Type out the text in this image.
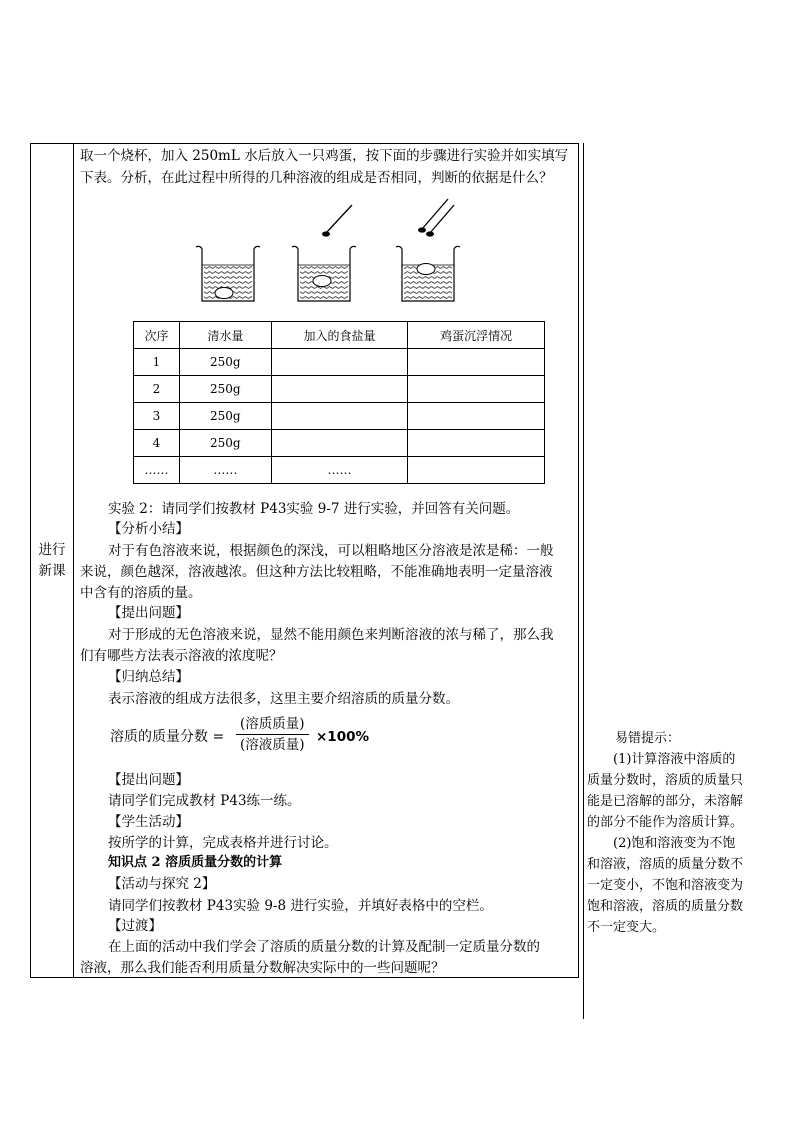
进行
新课
取一个烧杯，加入 250mL 水后放入一只鸡蛋，按下面的步骤进行实验并如实填写
下表。分析，在此过程中所得的几种溶液的组成是否相同，判断的依据是什么？
次序	清水量	加入的食盐量	鸡蛋沉浮情况
1	250g		
2	250g		
3	250g		
4	250g		
……	……	……	
实验 2：请同学们按教材 P43实验 9-7 进行实验，并回答有关问题。
【分析小结】
对于有色溶液来说，根据颜色的深浅，可以粗略地区分溶液是浓是稀：一般
来说，颜色越深，溶液越浓。但这种方法比较粗略，不能准确地表明一定量溶液
中含有的溶质的量。
【提出问题】
对于形成的无色溶液来说，显然不能用颜色来判断溶液的浓与稀了，那么我
们有哪些方法表示溶液的浓度呢？
【归纳总结】
表示溶液的组成方法很多，这里主要介绍溶质的质量分数。
溶质的质量分数 =
(溶质质量)
(溶液质量) ×100%
【提出问题】
请同学们完成教材 P43练一练。
【学生活动】
按所学的计算，完成表格并进行讨论。
知识点 2 溶质质量分数的计算
【活动与探究 2】
请同学们按教材 P43实验 9-8 进行实验，并填好表格中的空栏。
【过渡】
在上面的活动中我们学会了溶质的质量分数的计算及配制一定质量分数的
溶液，那么我们能否利用质量分数解决实际中的一些问题呢？
易错提示：
(1)计算溶液中溶质的
质量分数时，溶质的质量只
能是已溶解的部分，未溶解
的部分不能作为溶质计算。
(2)饱和溶液变为不饱
和溶液，溶质的质量分数不
一定变小，不饱和溶液变为
饱和溶液，溶质的质量分数
不一定变大。
